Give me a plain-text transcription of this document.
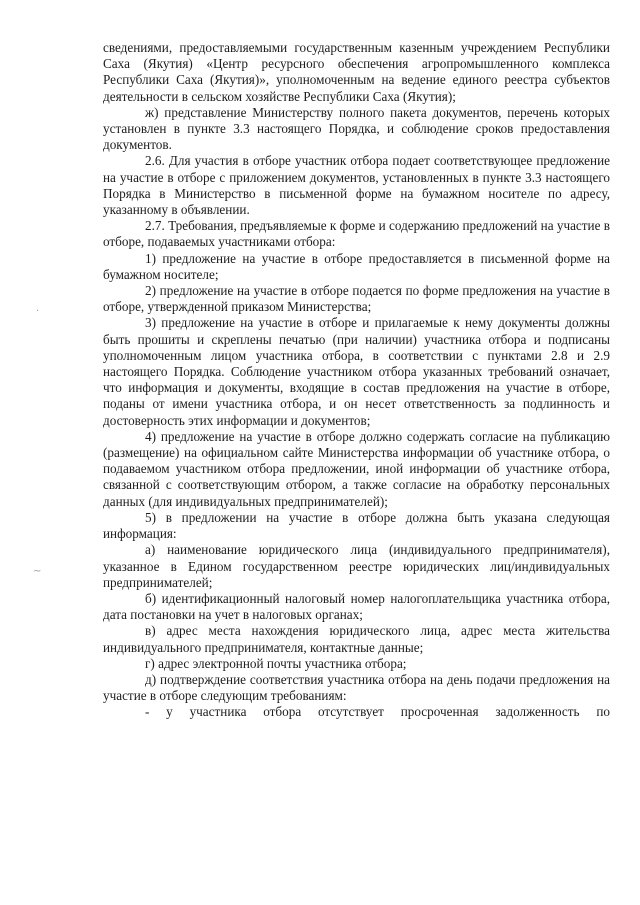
сведениями, предоставляемыми государственным казенным учреждением Республики Саха (Якутия) «Центр ресурсного обеспечения агропромышленного комплекса Республики Саха (Якутия)», уполномоченным на ведение единого реестра субъектов деятельности в сельском хозяйстве Республики Саха (Якутия);

ж) представление Министерству полного пакета документов, перечень которых установлен в пункте 3.3 настоящего Порядка, и соблюдение сроков предоставления документов.

2.6. Для участия в отборе участник отбора подает соответствующее предложение на участие в отборе с приложением документов, установленных в пункте 3.3 настоящего Порядка в Министерство в письменной форме на бумажном носителе по адресу, указанному в объявлении.

2.7. Требования, предъявляемые к форме и содержанию предложений на участие в отборе, подаваемых участниками отбора:

1) предложение на участие в отборе предоставляется в письменной форме на бумажном носителе;

2) предложение на участие в отборе подается по форме предложения на участие в отборе, утвержденной приказом Министерства;

3) предложение на участие в отборе и прилагаемые к нему документы должны быть прошиты и скреплены печатью (при наличии) участника отбора и подписаны уполномоченным лицом участника отбора, в соответствии с пунктами 2.8 и 2.9 настоящего Порядка. Соблюдение участником отбора указанных требований означает, что информация и документы, входящие в состав предложения на участие в отборе, поданы от имени участника отбора, и он несет ответственность за подлинность и достоверность этих информации и документов;

4) предложение на участие в отборе должно содержать согласие на публикацию (размещение) на официальном сайте Министерства информации об участнике отбора, о подаваемом участником отбора предложении, иной информации об участнике отбора, связанной с соответствующим отбором, а также согласие на обработку персональных данных (для индивидуальных предпринимателей);

5) в предложении на участие в отборе должна быть указана следующая информация:

а) наименование юридического лица (индивидуального предпринимателя), указанное в Едином государственном реестре юридических лиц/индивидуальных предпринимателей;

б) идентификационный налоговый номер налогоплательщика участника отбора, дата постановки на учет в налоговых органах;

в) адрес места нахождения юридического лица, адрес места жительства индивидуального предпринимателя, контактные данные;

г) адрес электронной почты участника отбора;

д) подтверждение соответствия участника отбора на день подачи предложения на участие в отборе следующим требованиям:

- у участника отбора отсутствует просроченная задолженность по

·
~
